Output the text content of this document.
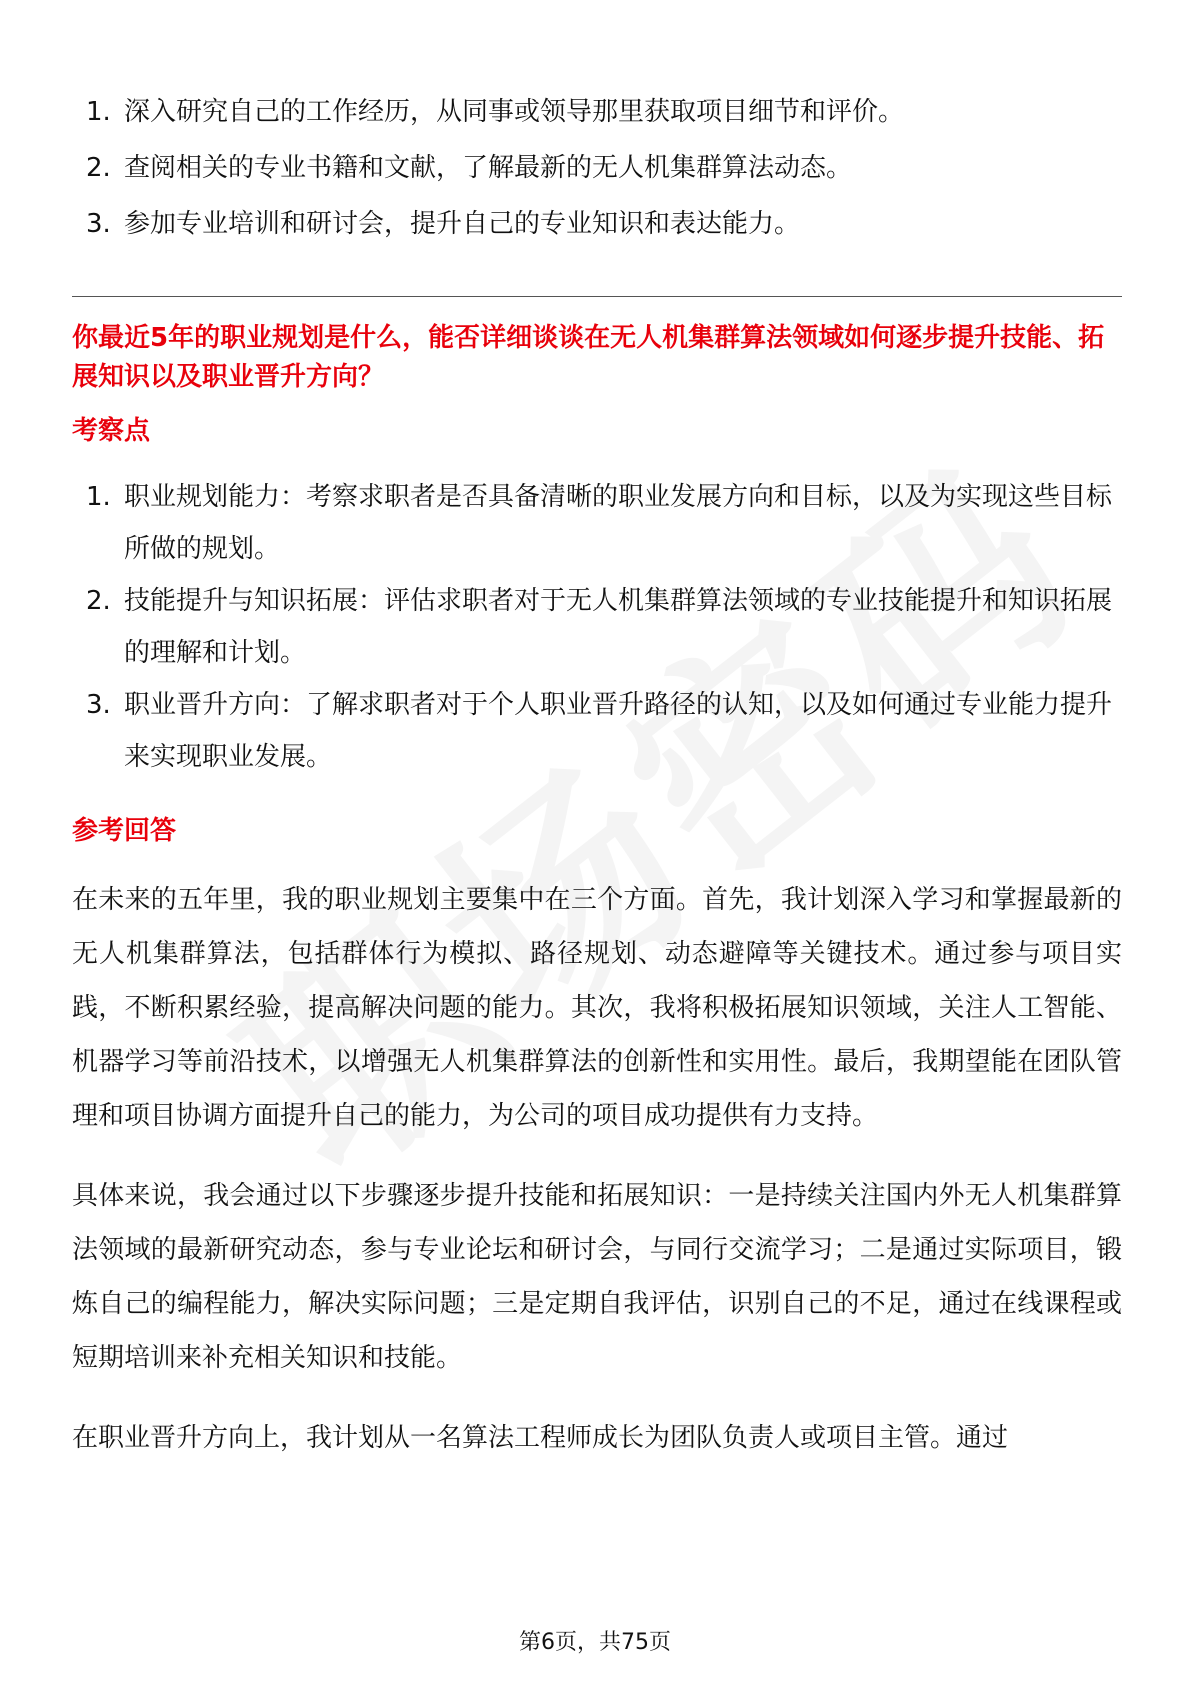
1. 深入研究自己的工作经历，从同事或领导那里获取项目细节和评价。
2. 查阅相关的专业书籍和文献，了解最新的无人机集群算法动态。
3. 参加专业培训和研讨会，提升自己的专业知识和表达能力。

你最近5年的职业规划是什么，能否详细谈谈在无人机集群算法领域如何逐步提升技能、拓展知识以及职业晋升方向？

考察点
1. 职业规划能力：考察求职者是否具备清晰的职业发展方向和目标，以及为实现这些目标所做的规划。
2. 技能提升与知识拓展：评估求职者对于无人机集群算法领域的专业技能提升和知识拓展的理解和计划。
3. 职业晋升方向：了解求职者对于个人职业晋升路径的认知，以及如何通过专业能力提升来实现职业发展。
参考回答

在未来的五年里，我的职业规划主要集中在三个方面。首先，我计划深入学习和掌握最新的无人机集群算法，包括群体行为模拟、路径规划、动态避障等关键技术。通过参与项目实践，不断积累经验，提高解决问题的能力。其次，我将积极拓展知识领域，关注人工智能、机器学习等前沿技术，以增强无人机集群算法的创新性和实用性。最后，我期望能在团队管理和项目协调方面提升自己的能力，为公司的项目成功提供有力支持。

具体来说，我会通过以下步骤逐步提升技能和拓展知识：一是持续关注国内外无人机集群算法领域的最新研究动态，参与专业论坛和研讨会，与同行交流学习；二是通过实际项目，锻炼自己的编程能力，解决实际问题；三是定期自我评估，识别自己的不足，通过在线课程或短期培训来补充相关知识和技能。

在职业晋升方向上，我计划从一名算法工程师成长为团队负责人或项目主管。通过

第6页，共75页
